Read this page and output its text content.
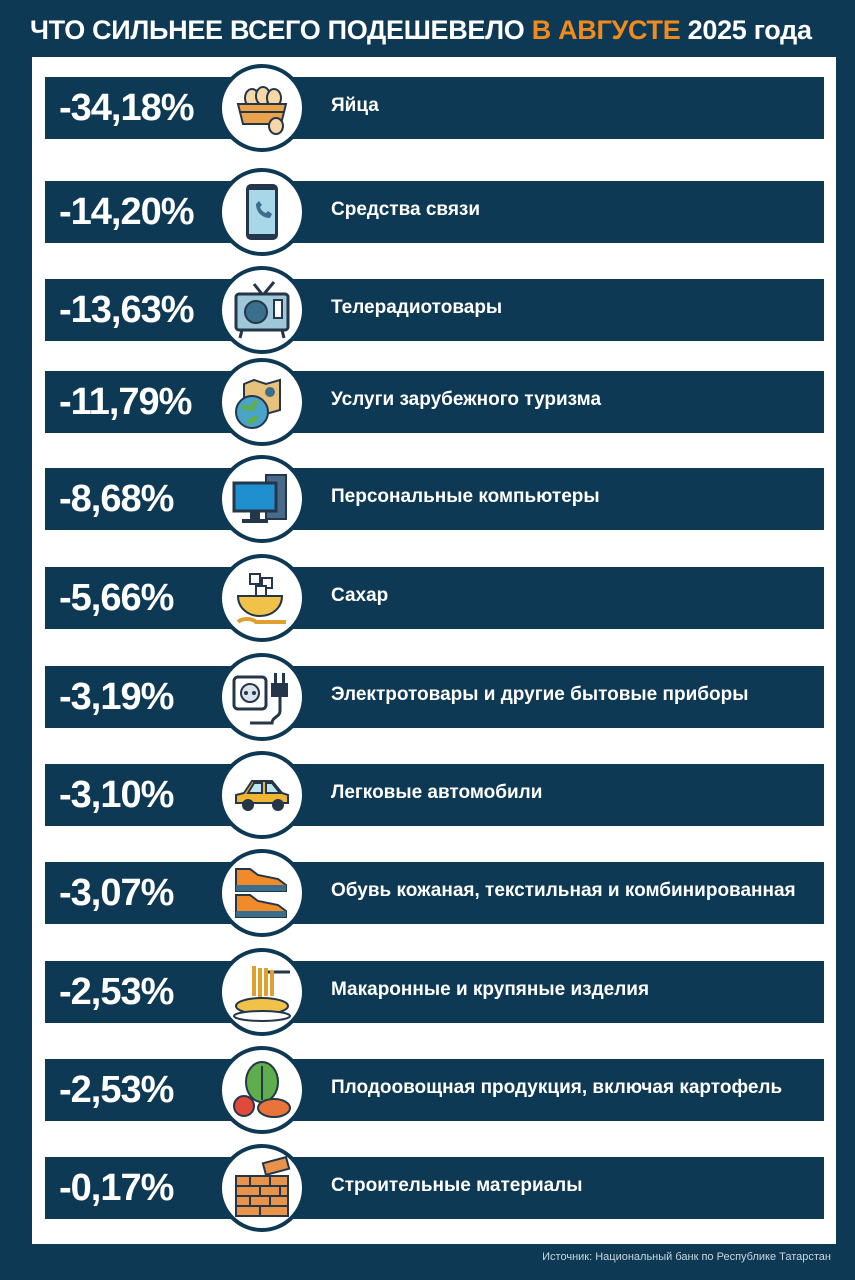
ЧТО СИЛЬНЕЕ ВСЕГО ПОДЕШЕВЕЛО В АВГУСТЕ 2025 года
-34,18%	Яйца
-14,20%	Средства связи
-13,63%	Телерадиотовары
-11,79%	Услуги зарубежного туризма
-8,68%	Персональные компьютеры
-5,66%	Сахар
-3,19%	Электротовары и другие бытовые приборы
-3,10%	Легковые автомобили
-3,07%	Обувь кожаная, текстильная и комбинированная
-2,53%	Макаронные и крупяные изделия
-2,53%	Плодоовощная продукция, включая картофель
-0,17%	Строительные материалы
Источник: Национальный банк по Республике Татарстан
